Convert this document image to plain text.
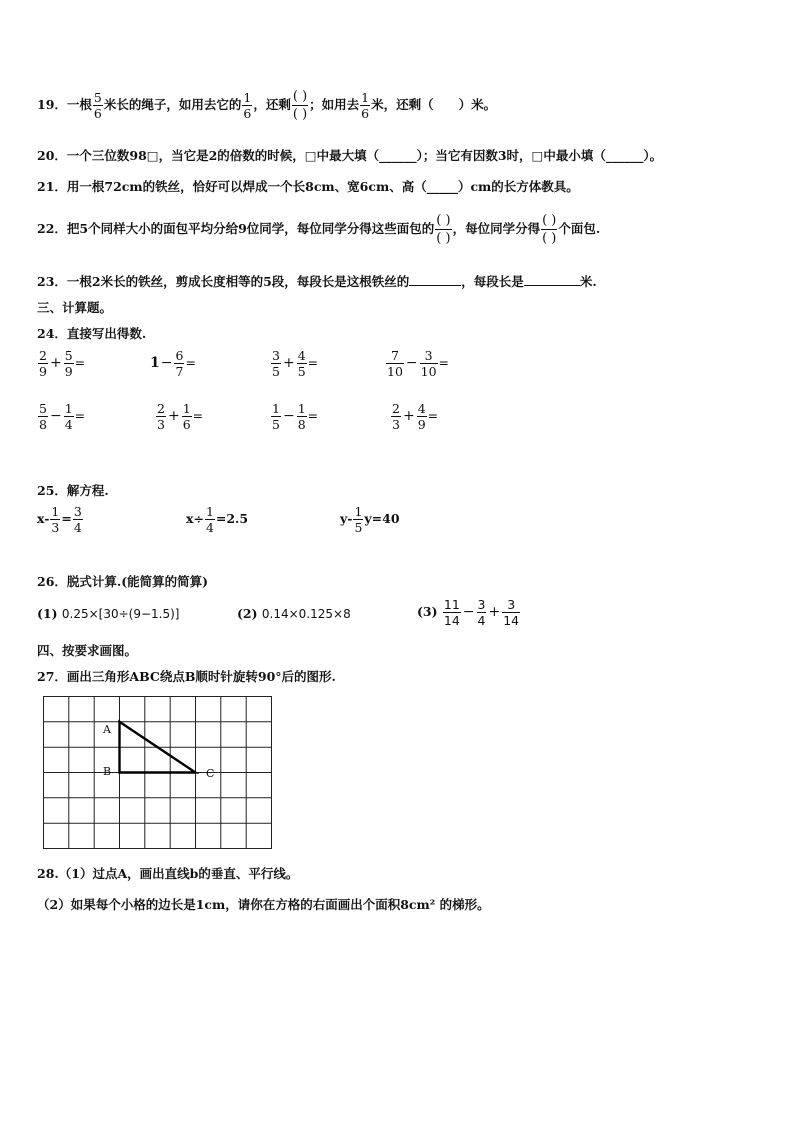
19．一根 $\frac{5}{6}$ 米长的绳子，如用去它的 $\frac{1}{6}$ ，还剩 $\frac{( )}{( )}$ ；如用去 $\frac{1}{6}$ 米，还剩（　　）米。
20．一个三位数98□，当它是2的倍数的时候，□中最大填（______）；当它有因数3时，□中最小填（______）。
21．用一根72cm的铁丝，恰好可以焊成一个长8cm、宽6cm、高（_____）cm的长方体教具。
22．把5个同样大小的面包平均分给9位同学，每位同学分得这些面包的 $\frac{( )}{( )}$ ，每位同学分得 $\frac{( )}{( )}$ 个面包.
23．一根2米长的铁丝，剪成长度相等的5段，每段长是这根铁丝的	，每段长是	米.
三、计算题。
24．直接写出得数.
$\frac{2}{9} + \frac{5}{9}$ =	$1- \frac{6}{7}$ =	$\frac{3}{5} + \frac{4}{5}$ =	$\frac{7}{10} - \frac{3}{10}$ =
$\frac{5}{8} - \frac{1}{4}$ =	$\frac{2}{3} + \frac{1}{6}$ =	$\frac{1}{5} - \frac{1}{8}$ =	$\frac{2}{3} + \frac{4}{9}$ =
25．解方程.
$x- \frac{1}{3} = \frac{3}{4}$	$x\div \frac{1}{4} =2.5$	$y- \frac{1}{5} y=40$
26．脱式计算.(能简算的简算)
(1) 0.25×[30÷(9−1.5)]	(2) 0.14×0.125×8	$(3) \frac{11}{14} - \frac{3}{4} + \frac{3}{14}$
四、按要求画图。
27．画出三角形ABC绕点B顺时针旋转90°后的图形.
A
B	C
28.（1）过点A，画出直线b的垂直、平行线。
（2）如果每个小格的边长是1cm，请你在方格的右面画出个面积8cm² 的梯形。
